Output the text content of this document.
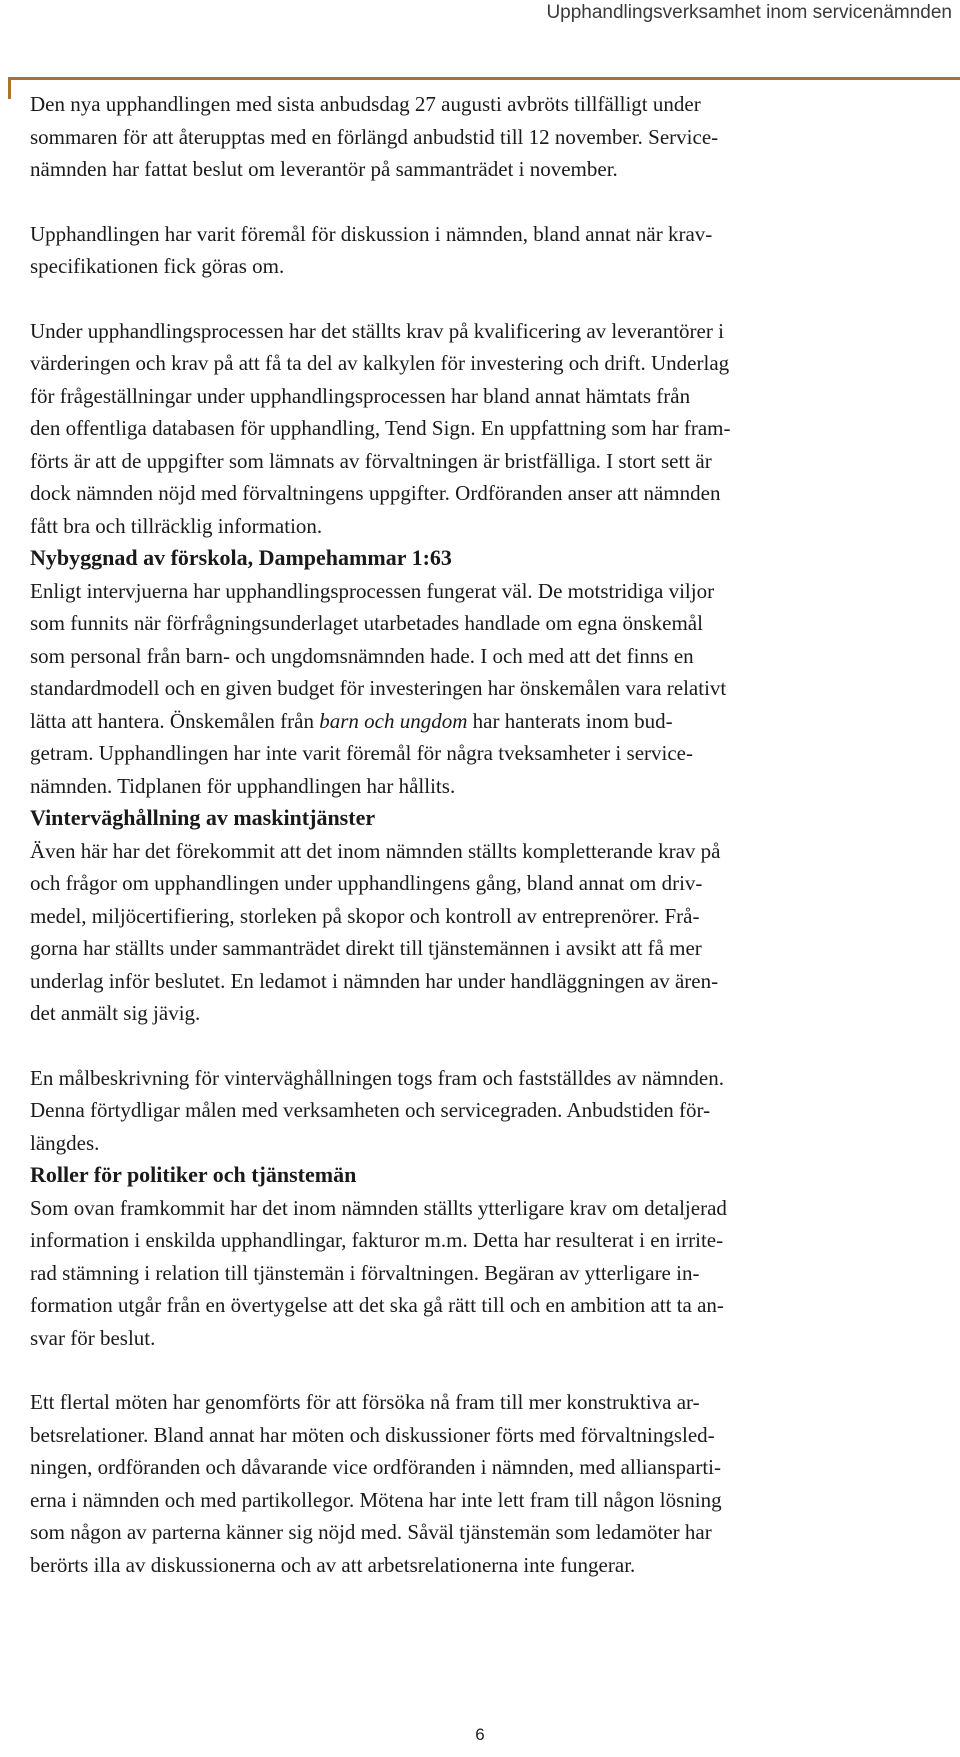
Upphandlingsverksamhet inom servicenämnden

Den nya upphandlingen med sista anbudsdag 27 augusti avbröts tillfälligt under
sommaren för att återupptas med en förlängd anbudstid till 12 november. Service-
nämnden har fattat beslut om leverantör på sammanträdet i november.

Upphandlingen har varit föremål för diskussion i nämnden, bland annat när krav-
specifikationen fick göras om.

Under upphandlingsprocessen har det ställts krav på kvalificering av leverantörer i
värderingen och krav på att få ta del av kalkylen för investering och drift. Underlag
för frågeställningar under upphandlingsprocessen har bland annat hämtats från
den offentliga databasen för upphandling, Tend Sign. En uppfattning som har fram-
förts är att de uppgifter som lämnats av förvaltningen är bristfälliga. I stort sett är
dock nämnden nöjd med förvaltningens uppgifter. Ordföranden anser att nämnden
fått bra och tillräcklig information.

Nybyggnad av förskola, Dampehammar 1:63

Enligt intervjuerna har upphandlingsprocessen fungerat väl. De motstridiga viljor
som funnits när förfrågningsunderlaget utarbetades handlade om egna önskemål
som personal från barn- och ungdomsnämnden hade. I och med att det finns en
standardmodell och en given budget för investeringen har önskemålen vara relativt
lätta att hantera. Önskemålen från barn och ungdom har hanterats inom bud-
getram. Upphandlingen har inte varit föremål för några tveksamheter i service-
nämnden. Tidplanen för upphandlingen har hållits.

Vinterväghållning av maskintjänster

Även här har det förekommit att det inom nämnden ställts kompletterande krav på
och frågor om upphandlingen under upphandlingens gång, bland annat om driv-
medel, miljöcertifiering, storleken på skopor och kontroll av entreprenörer. Frå-
gorna har ställts under sammanträdet direkt till tjänstemännen i avsikt att få mer
underlag inför beslutet. En ledamot i nämnden har under handläggningen av ären-
det anmält sig jävig.

En målbeskrivning för vinterväghållningen togs fram och fastställdes av nämnden.
Denna förtydligar målen med verksamheten och servicegraden. Anbudstiden för-
längdes.

Roller för politiker och tjänstemän

Som ovan framkommit har det inom nämnden ställts ytterligare krav om detaljerad
information i enskilda upphandlingar, fakturor m.m. Detta har resulterat i en irrite-
rad stämning i relation till tjänstemän i förvaltningen. Begäran av ytterligare in-
formation utgår från en övertygelse att det ska gå rätt till och en ambition att ta an-
svar för beslut.

Ett flertal möten har genomförts för att försöka nå fram till mer konstruktiva ar-
betsrelationer. Bland annat har möten och diskussioner förts med förvaltningsled-
ningen, ordföranden och dåvarande vice ordföranden i nämnden, med alliansparti-
erna i nämnden och med partikollegor. Mötena har inte lett fram till någon lösning
som någon av parterna känner sig nöjd med. Såväl tjänstemän som ledamöter har
berörts illa av diskussionerna och av att arbetsrelationerna inte fungerar.

6
